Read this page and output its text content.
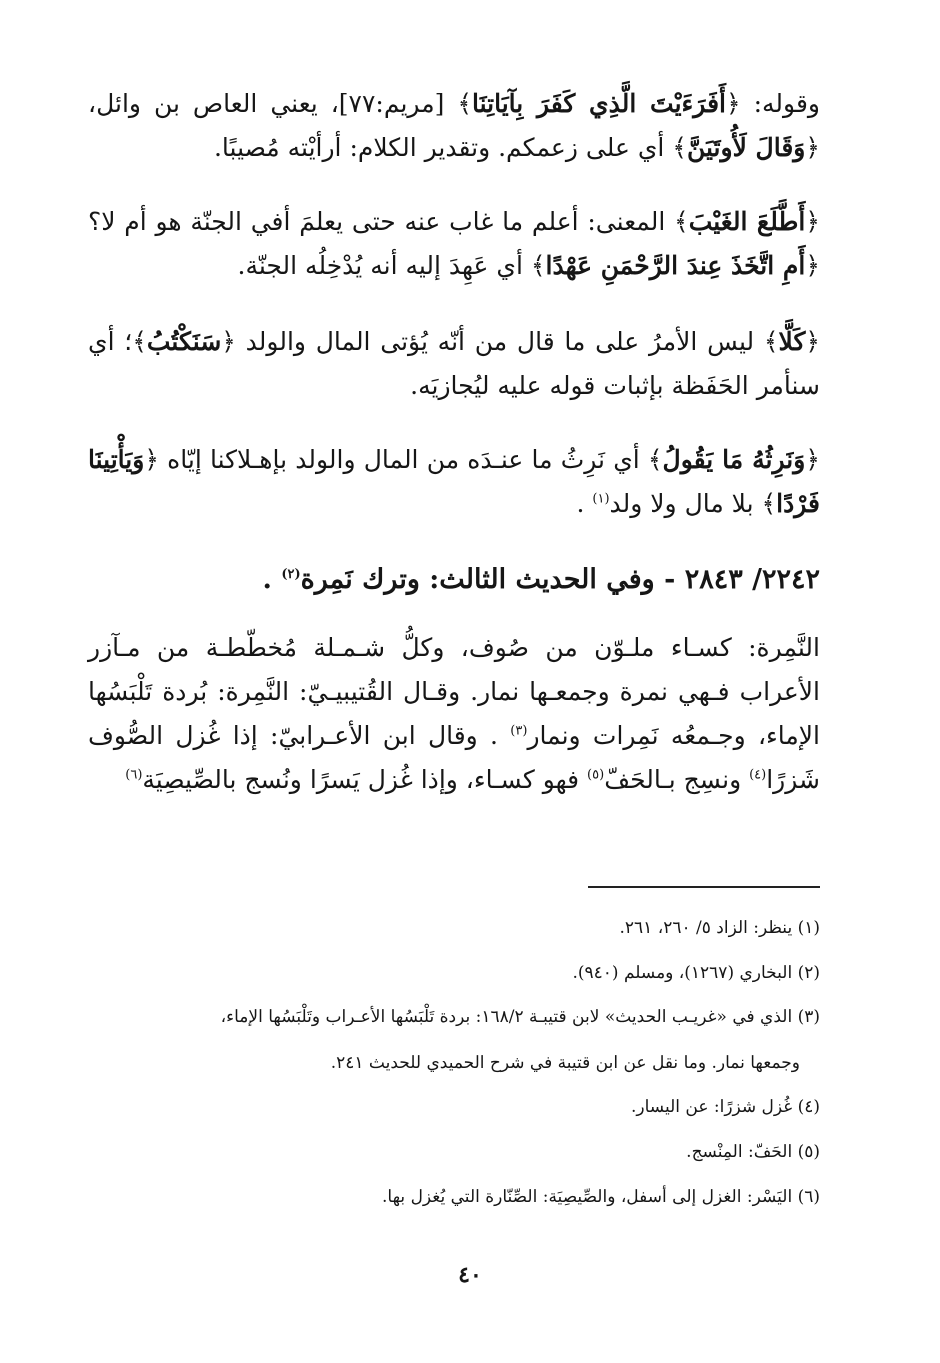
وقوله: ﴿أَفَرَءَيْتَ الَّذِي كَفَرَ بِآيَاتِنَا﴾ [مريم:٧٧]، يعني العاص بن وائل، ﴿وَقَالَ لَأُوتَيَنَّ﴾ أي على زعمكم. وتقدير الكلام: أرأيْته مُصيبًا.
﴿أَطَّلَعَ الغَيْبَ﴾ المعنى: أعلم ما غاب عنه حتى يعلمَ أفي الجنّة هو أم لا؟ ﴿أَمِ اتَّخَذَ عِندَ الرَّحْمَنِ عَهْدًا﴾ أي عَهِدَ إليه أنه يُدْخِلُه الجنّة.
﴿كَلَّا﴾ ليس الأمرُ على ما قال من أنّه يُؤتى المال والولد ﴿سَنَكْتُبُ﴾؛ أي سنأمر الحَفَظة بإثبات قوله عليه ليُجازيَه.
﴿وَنَرِثُهُ مَا يَقُولُ﴾ أي نَرِثُ ما عنـدَه من المال والولد بإهـلاكنا إيّاه ﴿وَيَأْتِينَا فَرْدًا﴾ بلا مال ولا ولد$^{(١)}$ .
٢٢٤٢/ ٢٨٤٣ - وفي الحديث الثالث: وترك نَمِرة$^{(٢)}$ .
النَّمِرة: كسـاء ملـوّن من صُوف، وكلُّ شـمـلة مُخطّطـة من مـآزر الأعراب فـهي نمرة وجمعـها نمار. وقـال القُتيبيـيّ: النَّمِرة: بُردة تَلْبَسُها الإماء، وجـمعُه نَمِرات ونمار$^{(٣)}$ . وقال ابن الأعـرابيّ: إذا غُزل الصُّوف شَزرًا$^{(٤)}$ ونسِج بـالحَفّ$^{(٥)}$ فهو كسـاء، وإذا غُزل يَسرًا ونُسج بالصِّيصِيَة$^{(٦)}$
(١) ينظر: الزاد ٥/ ٢٦٠، ٢٦١.
(٢) البخاري (١٢٦٧)، ومسلم (٩٤٠).
(٣) الذي في «غريـب الحديث» لابن قتيبـة ١٦٨/٢: بردة تَلْبَسُها الأعـراب وتَلْبَسُها الإماء،
وجمعها نمار. وما نقل عن ابن قتيبة في شرح الحميدي للحديث ٢٤١.
(٤) غُزل شزرًا: عن اليسار.
(٥) الحَفّ: المِنْسج.
(٦) اليَسْر: الغزل إلى أسفل، والصِّيصِيَة: الصِّنّارة التي يُغزل بها.
٤٠
